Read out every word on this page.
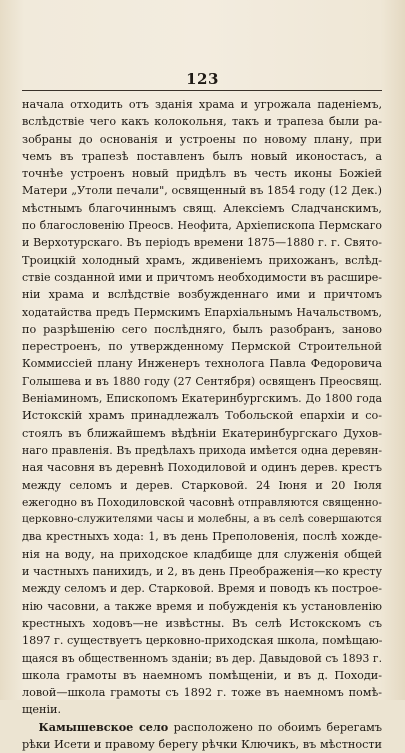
123
начала отходить отъ зданія храма и угрожала паденіемъ,
вслѣдствіе чего какъ колокольня, такъ и трапеза были ра-
зобраны до основанія и устроены по новому плану, при
чемъ въ трапезѣ поставленъ былъ новый иконостасъ, а
точнѣе устроенъ новый придѣлъ въ честь иконы Божіей
Матери „Утоли печали", освященный въ 1854 году (12 Дек.)
мѣстнымъ благочиннымъ свящ. Алексіемъ Сладчанскимъ,
по благословенію Преосв. Неофита, Архіепископа Пермскаго
и Верхотурскаго. Въ періодъ времени 1875—1880 г. г. Свято-
Троицкій холодный храмъ, ждивеніемъ прихожанъ, вслѣд-
ствіе созданной ими и причтомъ необходимости въ расшире-
ніи храма и вслѣдствіе возбужденнаго ими и причтомъ
ходатайства предъ Пермскимъ Епархіальнымъ Начальствомъ,
по разрѣшенію сего послѣдняго, былъ разобранъ, заново
перестроенъ, по утвержденному Пермской Строительной
Коммиссіей плану Инженеръ технолога Павла Федоровича
Голышева и въ 1880 году (27 Сентября) освященъ Преосвящ.
Веніаминомъ, Епископомъ Екатеринбургскимъ. До 1800 года
Истокскій храмъ принадлежалъ Тобольской епархіи и со-
стоялъ въ ближайшемъ вѣдѣніи Екатеринбургскаго Духов-
наго правленія. Въ предѣлахъ прихода имѣется одна деревян-
ная часовня въ деревнѣ Походиловой и одинъ дерев. крестъ
между селомъ и дерев. Старковой. 24 Іюня и 20 Іюля
ежегодно въ Походиловской часовнѣ отправляются священно-
церковно-служителями часы и молебны, а въ селѣ совершаются
два крестныхъ хода: 1, въ день Преполовенія, послѣ хожде-
нія на воду, на приходское кладбище для служенія общей
и частныхъ панихидъ, и 2, въ день Преображенія—ко кресту
между селомъ и дер. Старковой. Время и поводъ къ построе-
нію часовни, а также время и побужденія къ установленію
крестныхъ ходовъ—не извѣстны. Въ селѣ Истокскомъ съ
1897 г. существуетъ церковно-приходская школа, помѣщаю-
щаяся въ общественномъ зданіи; въ дер. Давыдовой съ 1893 г.
школа грамоты въ наемномъ помѣщеніи, и въ д. Походи-
ловой—школа грамоты съ 1892 г. тоже въ наемномъ помѣ-
щеніи.
  Камышевское село расположено по обоимъ берегамъ
рѣки Исети и правому берегу рѣчки Ключикъ, въ мѣстности
